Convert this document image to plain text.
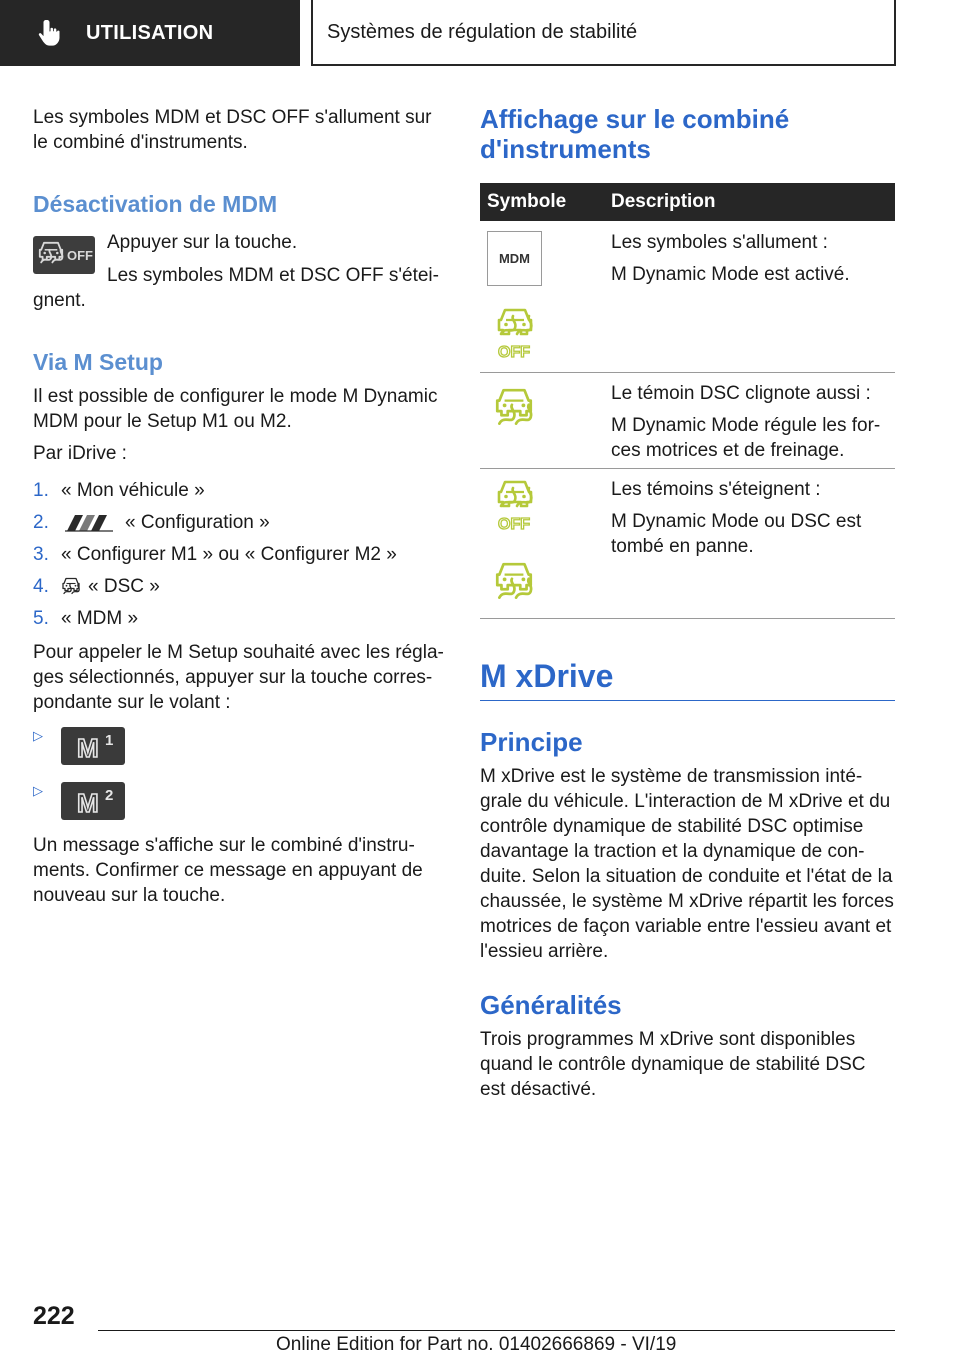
UTILISATION	Systèmes de régulation de stabilité
Les symboles MDM et DSC OFF s'allument sur
le combiné d'instruments.
Désactivation de MDM
OFF
Appuyer sur la touche.
Les symboles MDM et DSC OFF s'étei-
gnent.
Via M Setup
Il est possible de configurer le mode M Dynamic
MDM pour le Setup M1 ou M2.
Par iDrive :
1. « Mon véhicule »
2.	« Configuration »
3. « Configurer M1 » ou « Configurer M2 »
4. « DSC »
5. « MDM »
Pour appeler le M Setup souhaité avec les régla-
ges sélectionnés, appuyer sur la touche corres-
pondante sur le volant :
▷ M 1
▷ M 2
Un message s'affiche sur le combiné d'instru-
ments. Confirmer ce message en appuyant de
nouveau sur la touche.
Affichage sur le combiné
d'instruments
Symbole Description
MDM
OFF
Les symboles s'allument :
M Dynamic Mode est activé.
Le témoin DSC clignote aussi :
M Dynamic Mode régule les for-
ces motrices et de freinage.
OFF
Les témoins s'éteignent :
M Dynamic Mode ou DSC est
tombé en panne.
M xDrive
Principe
M xDrive est le système de transmission inté-
grale du véhicule. L'interaction de M xDrive et du
contrôle dynamique de stabilité DSC optimise
davantage la traction et la dynamique de con-
duite. Selon la situation de conduite et l'état de la
chaussée, le système M xDrive répartit les forces
motrices de façon variable entre l'essieu avant et
l'essieu arrière.
Généralités
Trois programmes M xDrive sont disponibles
quand le contrôle dynamique de stabilité DSC
est désactivé.
222
Online Edition for Part no. 01402666869 - VI/19
